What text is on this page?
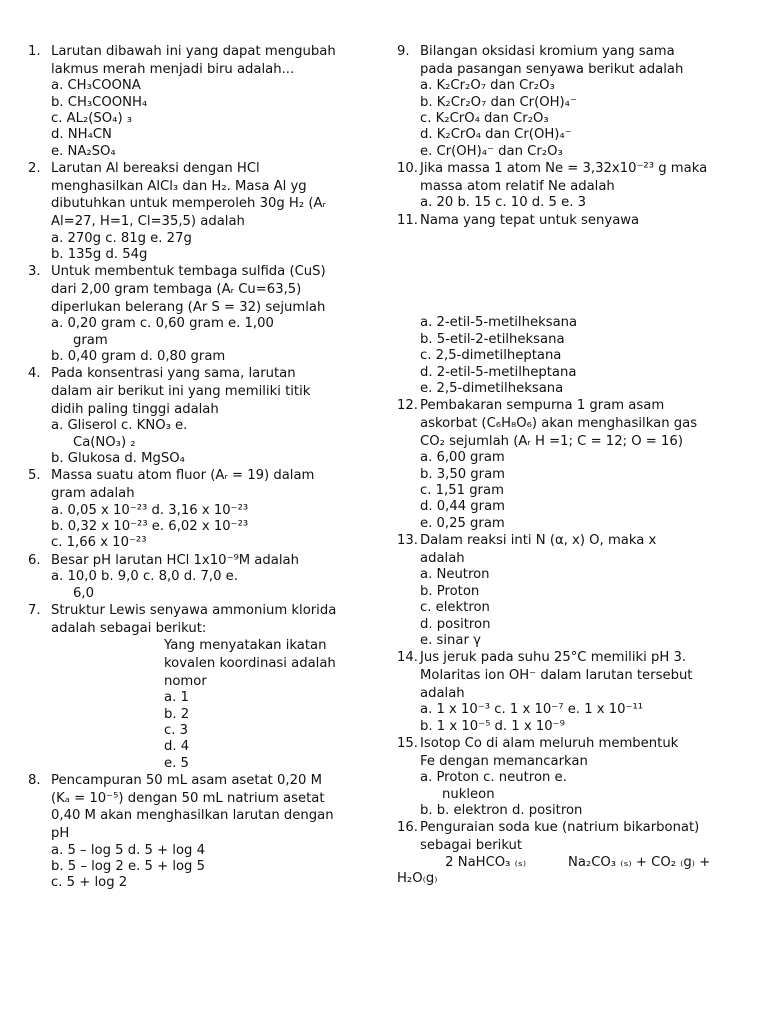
1. Larutan dibawah ini yang dapat mengubah
lakmus merah menjadi biru adalah...
a. CH₃COONA
b. CH₃COONH₄
c. AL₂(SO₄) ₃
d. NH₄CN
e. NA₂SO₄
2. Larutan Al bereaksi dengan HCl
menghasilkan AlCl₃ dan H₂. Masa Al yg
dibutuhkan untuk memperoleh 30g H₂ (Aᵣ
Al=27, H=1, Cl=35,5) adalah
a. 270g c. 81g e. 27g
b. 135g d. 54g
3. Untuk membentuk tembaga sulfida (CuS)
dari 2,00 gram tembaga (Aᵣ Cu=63,5)
diperlukan belerang (Ar S = 32) sejumlah
a. 0,20 gram c. 0,60 gram e. 1,00
gram
b. 0,40 gram d. 0,80 gram
4. Pada konsentrasi yang sama, larutan
dalam air berikut ini yang memiliki titik
didih paling tinggi adalah
a. Gliserol c. KNO₃ e.
Ca(NO₃) ₂
b. Glukosa d. MgSO₄
5. Massa suatu atom fluor (Aᵣ = 19) dalam
gram adalah
a. 0,05 x 10⁻²³ d. 3,16 x 10⁻²³
b. 0,32 x 10⁻²³ e. 6,02 x 10⁻²³
c. 1,66 x 10⁻²³
6. Besar pH larutan HCl 1x10⁻⁹M adalah
a. 10,0 b. 9,0 c. 8,0 d. 7,0 e.
6,0
7. Struktur Lewis senyawa ammonium klorida
adalah sebagai berikut:
Yang menyatakan ikatan
kovalen koordinasi adalah
nomor
a. 1
b. 2
c. 3
d. 4
e. 5
8. Pencampuran 50 mL asam asetat 0,20 M
(Kₐ = 10⁻⁵) dengan 50 mL natrium asetat
0,40 M akan menghasilkan larutan dengan
pH
a. 5 – log 5 d. 5 + log 4
b. 5 – log 2 e. 5 + log 5
c. 5 + log 2
9. Bilangan oksidasi kromium yang sama
pada pasangan senyawa berikut adalah
a. K₂Cr₂O₇ dan Cr₂O₃
b. K₂Cr₂O₇ dan Cr(OH)₄⁻
c. K₂CrO₄ dan Cr₂O₃
d. K₂CrO₄ dan Cr(OH)₄⁻
e. Cr(OH)₄⁻ dan Cr₂O₃
10. Jika massa 1 atom Ne = 3,32x10⁻²³ g maka
massa atom relatif Ne adalah
a. 20 b. 15 c. 10 d. 5 e. 3
11. Nama yang tepat untuk senyawa
a. 2-etil-5-metilheksana
b. 5-etil-2-etilheksana
c. 2,5-dimetilheptana
d. 2-etil-5-metilheptana
e. 2,5-dimetilheksana
12. Pembakaran sempurna 1 gram asam
askorbat (C₆H₈O₆) akan menghasilkan gas
CO₂ sejumlah (Aᵣ H =1; C = 12; O = 16)
a. 6,00 gram
b. 3,50 gram
c. 1,51 gram
d. 0,44 gram
e. 0,25 gram
13. Dalam reaksi inti N (α, x) O, maka x
adalah
a. Neutron
b. Proton
c. elektron
d. positron
e. sinar γ
14. Jus jeruk pada suhu 25°C memiliki pH 3.
Molaritas ion OH⁻ dalam larutan tersebut
adalah
a. 1 x 10⁻³ c. 1 x 10⁻⁷ e. 1 x 10⁻¹¹
b. 1 x 10⁻⁵ d. 1 x 10⁻⁹
15. Isotop Co di alam meluruh membentuk
Fe dengan memancarkan
a. Proton c. neutron e.
nukleon
b. b. elektron d. positron
16. Penguraian soda kue (natrium bikarbonat)
sebagai berikut
2 NaHCO₃ ₍ₛ₎          Na₂CO₃ ₍ₛ₎ + CO₂ ₍g₎ +
H₂O₍g₎
